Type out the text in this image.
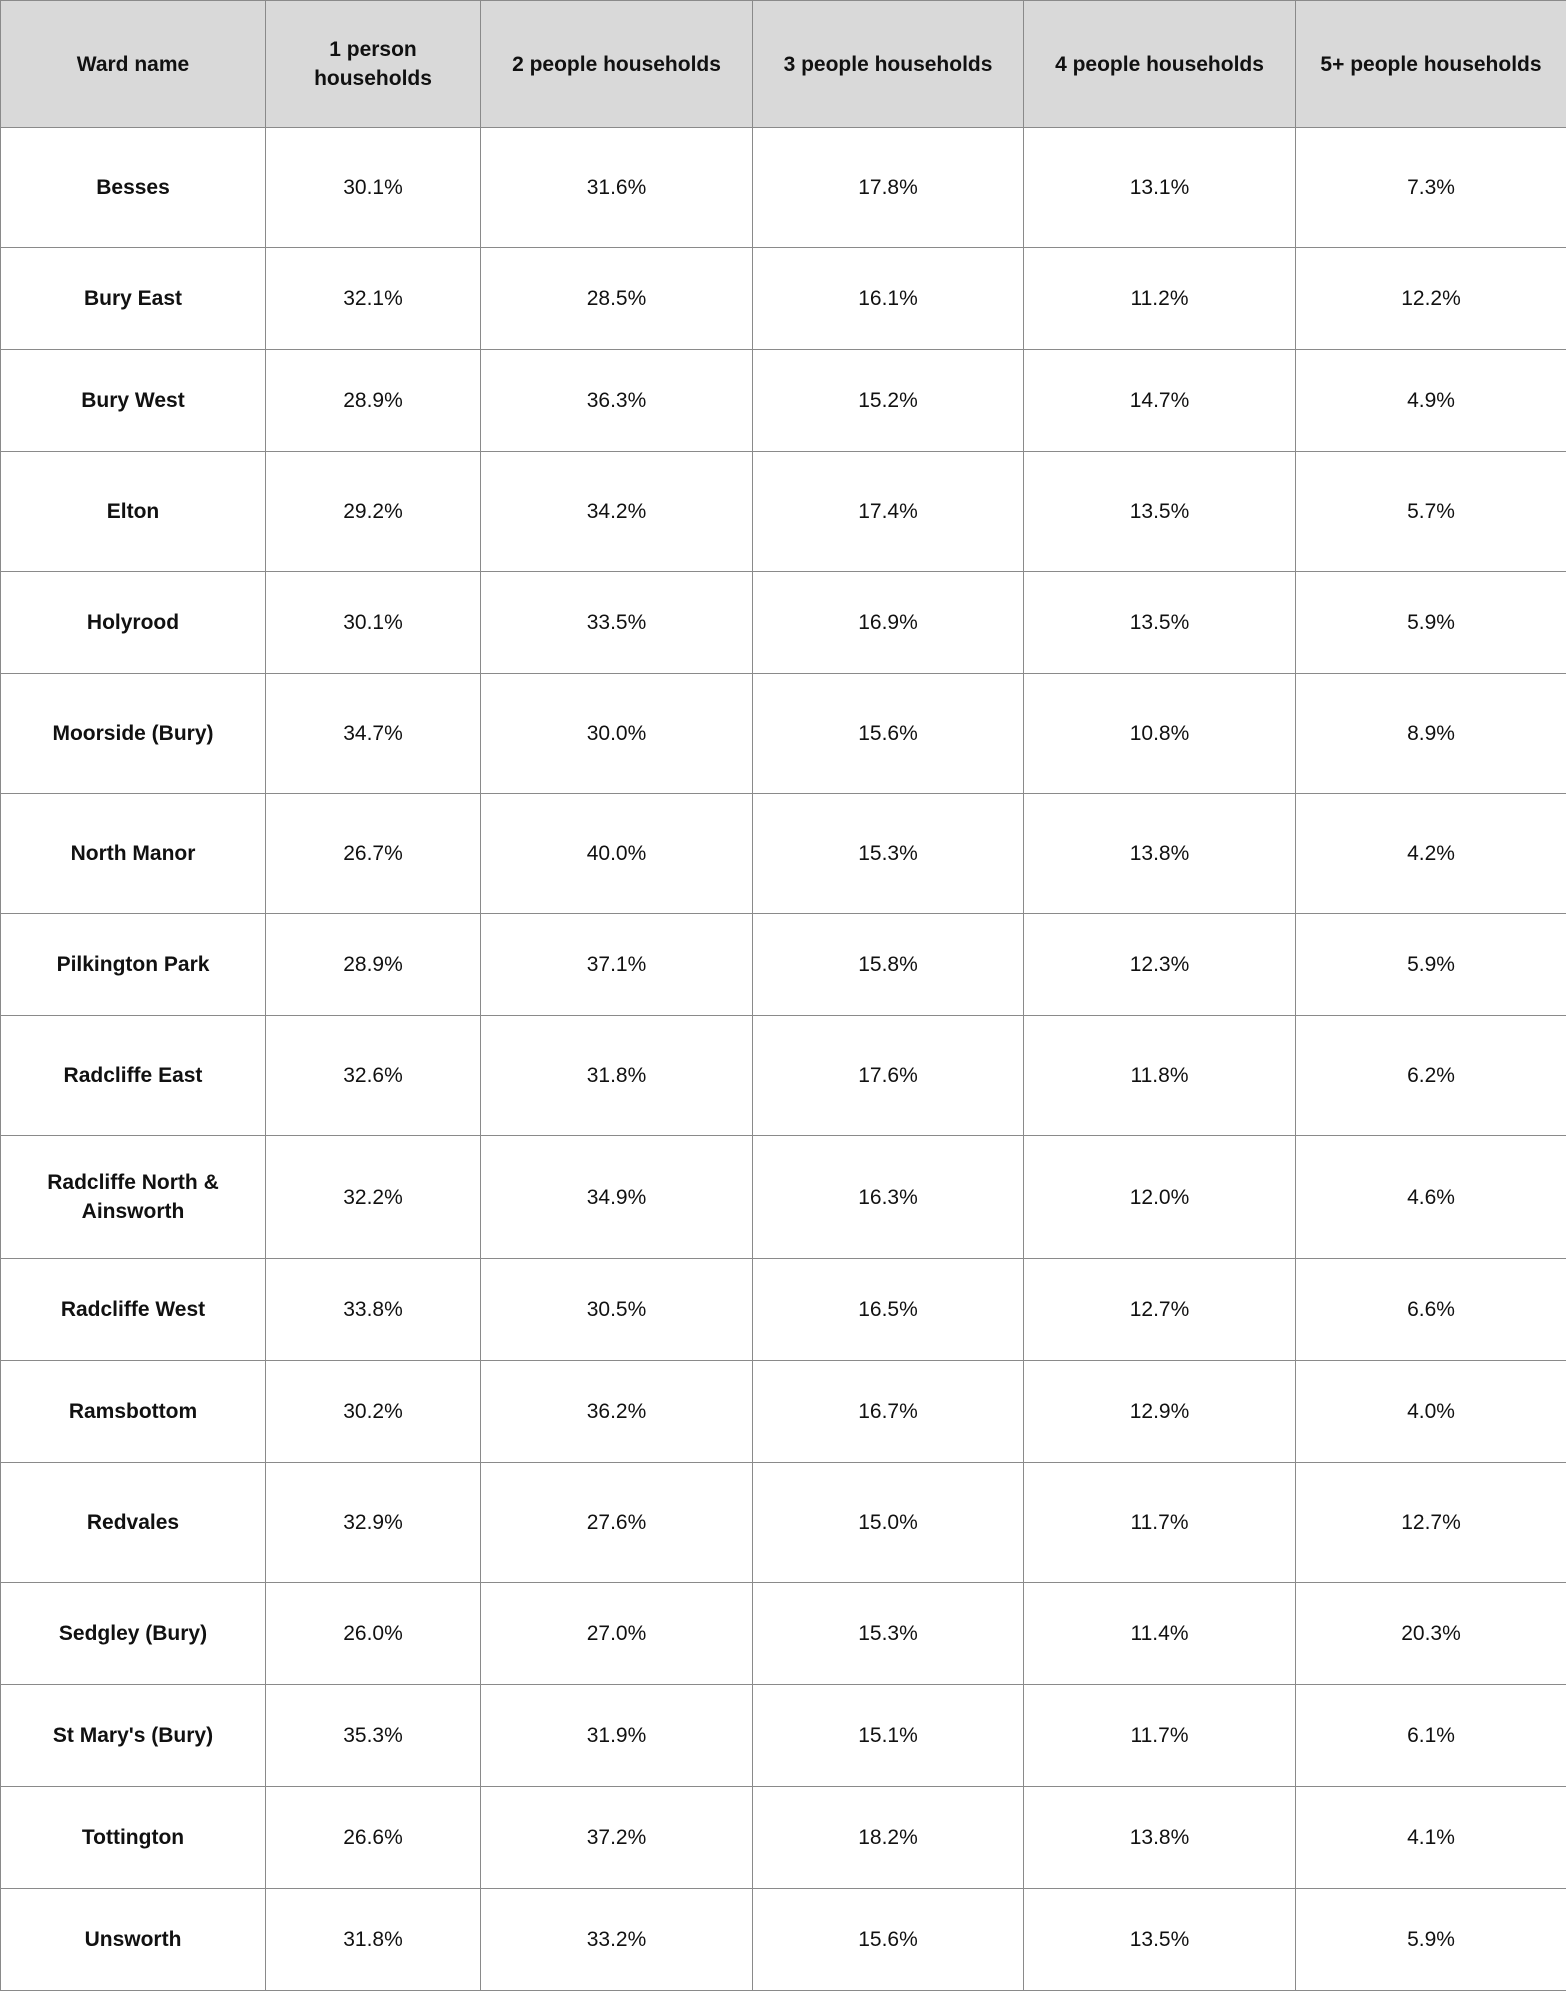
Ward name	1 person households	2 people households	3 people households	4 people households	5+ people households
Besses	30.1%	31.6%	17.8%	13.1%	7.3%
Bury East	32.1%	28.5%	16.1%	11.2%	12.2%
Bury West	28.9%	36.3%	15.2%	14.7%	4.9%
Elton	29.2%	34.2%	17.4%	13.5%	5.7%
Holyrood	30.1%	33.5%	16.9%	13.5%	5.9%
Moorside (Bury)	34.7%	30.0%	15.6%	10.8%	8.9%
North Manor	26.7%	40.0%	15.3%	13.8%	4.2%
Pilkington Park	28.9%	37.1%	15.8%	12.3%	5.9%
Radcliffe East	32.6%	31.8%	17.6%	11.8%	6.2%
Radcliffe North & Ainsworth	32.2%	34.9%	16.3%	12.0%	4.6%
Radcliffe West	33.8%	30.5%	16.5%	12.7%	6.6%
Ramsbottom	30.2%	36.2%	16.7%	12.9%	4.0%
Redvales	32.9%	27.6%	15.0%	11.7%	12.7%
Sedgley (Bury)	26.0%	27.0%	15.3%	11.4%	20.3%
St Mary's (Bury)	35.3%	31.9%	15.1%	11.7%	6.1%
Tottington	26.6%	37.2%	18.2%	13.8%	4.1%
Unsworth	31.8%	33.2%	15.6%	13.5%	5.9%
